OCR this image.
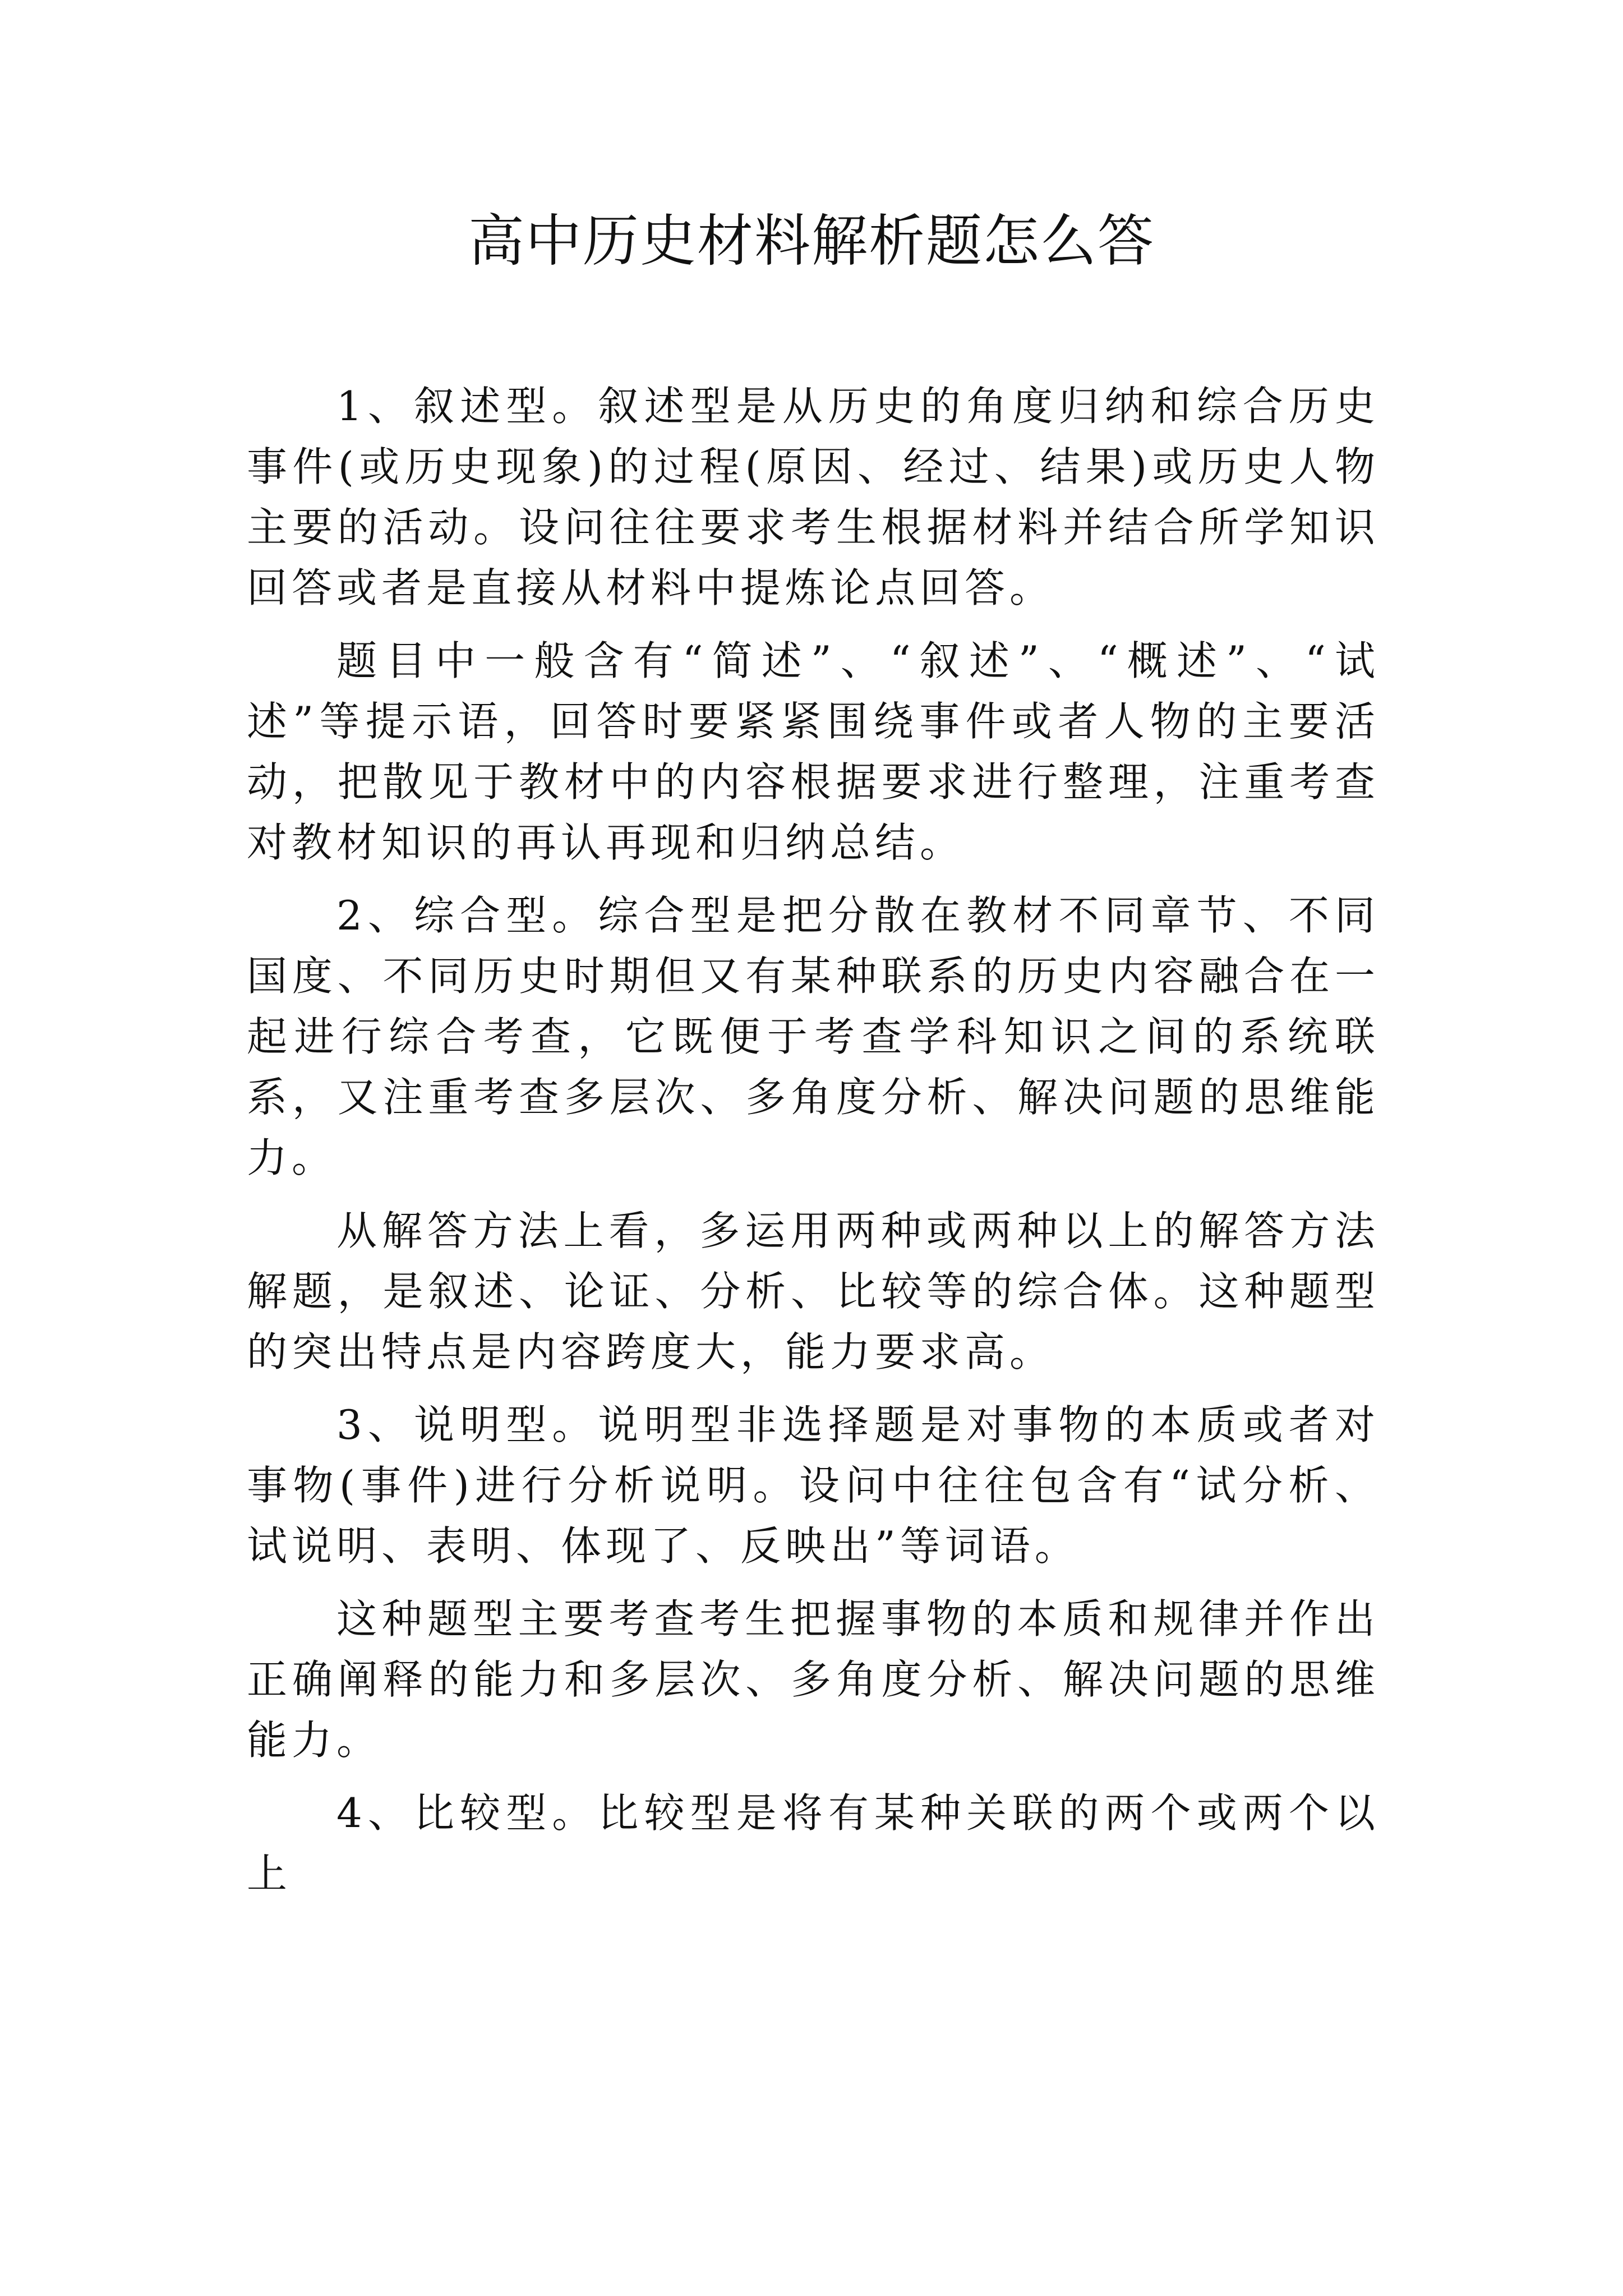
高中历史材料解析题怎么答

1、叙述型。叙述型是从历史的角度归纳和综合历史事件(或历史现象)的过程(原因、经过、结果)或历史人物主要的活动。设问往往要求考生根据材料并结合所学知识回答或者是直接从材料中提炼论点回答。

题目中一般含有“简述”、“叙述”、“概述”、“试述”等提示语，回答时要紧紧围绕事件或者人物的主要活动，把散见于教材中的内容根据要求进行整理，注重考查对教材知识的再认再现和归纳总结。

2、综合型。综合型是把分散在教材不同章节、不同国度、不同历史时期但又有某种联系的历史内容融合在一起进行综合考查，它既便于考查学科知识之间的系统联系，又注重考查多层次、多角度分析、解决问题的思维能力。

从解答方法上看，多运用两种或两种以上的解答方法解题，是叙述、论证、分析、比较等的综合体。这种题型的突出特点是内容跨度大，能力要求高。

3、说明型。说明型非选择题是对事物的本质或者对事物(事件)进行分析说明。设问中往往包含有“试分析、试说明、表明、体现了、反映出”等词语。

这种题型主要考查考生把握事物的本质和规律并作出正确阐释的能力和多层次、多角度分析、解决问题的思维能力。

4、比较型。比较型是将有某种关联的两个或两个以上
